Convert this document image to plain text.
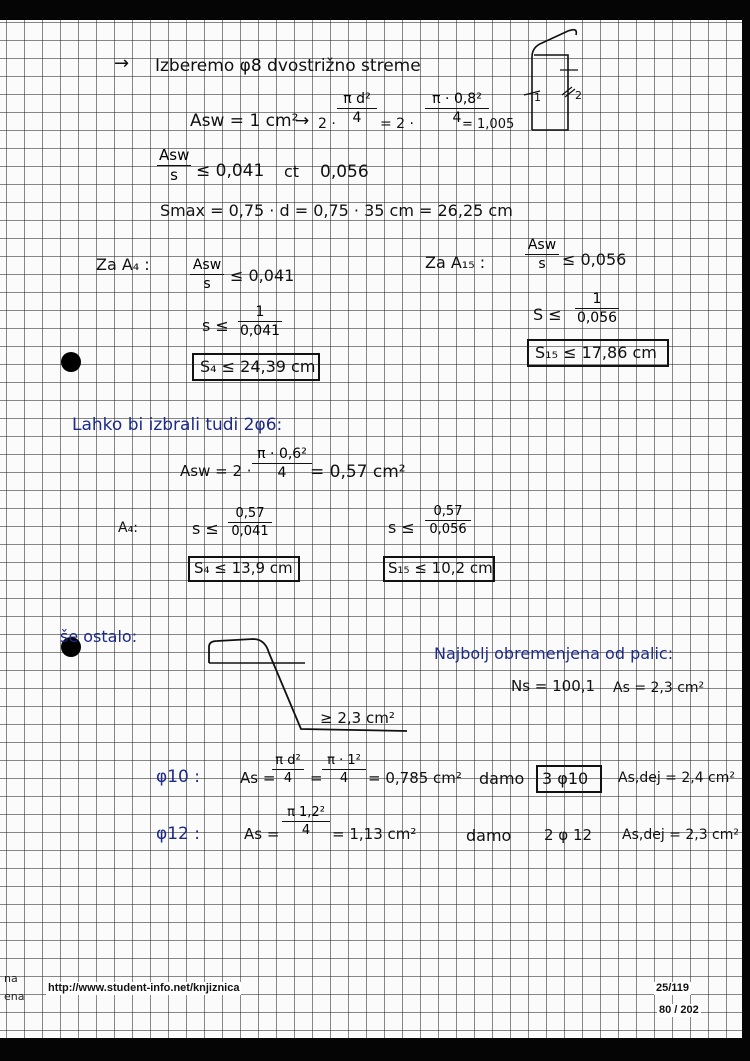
→ Izberemo φ8 dvostrižno streme
1	2
Asw = 1 cm²
→ $2 \cdot \frac{\text{π d²}}{4} = 2 \cdot \frac{\text{π · 0,8²}}{4}$
= 1,005
Asw
s	≤ 0,041 ct 0,056
Smax = 0,75 · d = 0,75 · 35 cm = 26,25 cm
Za A₄ :	Asw
s	≤ 0,041
$s \le \frac{1}{0,041}$
S₄ ≤ 24,39 cm
Za A₁₅ :
Asw
s	≤ 0,056
$S \le \frac{1}{0,056}$
S₁₅ ≤ 17,86 cm
Lahko bi izbrali tudi 2φ6:
Asw = $2 \cdot \frac{\text{π · 0,6²}}{4}$
= 0,57 cm²
A₄:	$s \le \frac{0,57}{0,041}$
S₄ ≤ 13,9 cm
$s \le \frac{0,57}{0,056}$
S₁₅ ≤ 10,2 cm
še ostalo:
≥ 2,3 cm²
Najbolj obremenjena od palic:
Ns = 100,1 As = 2,3 cm²
φ10 :	As =
$\frac{\text{π d²}}{4} = \frac{\text{π · 1²}}{4} = 0,785$ cm² damo 3 φ10 As,dej = 2,4 cm²
φ12 :	$As = \frac{\text{π 1,2²}}{4} = 1,13$ cm²	damo 2 φ 12 As,dej = 2,3 cm²
na
ena
http://www.student-info.net/knjiznica	25/119
80 / 202
